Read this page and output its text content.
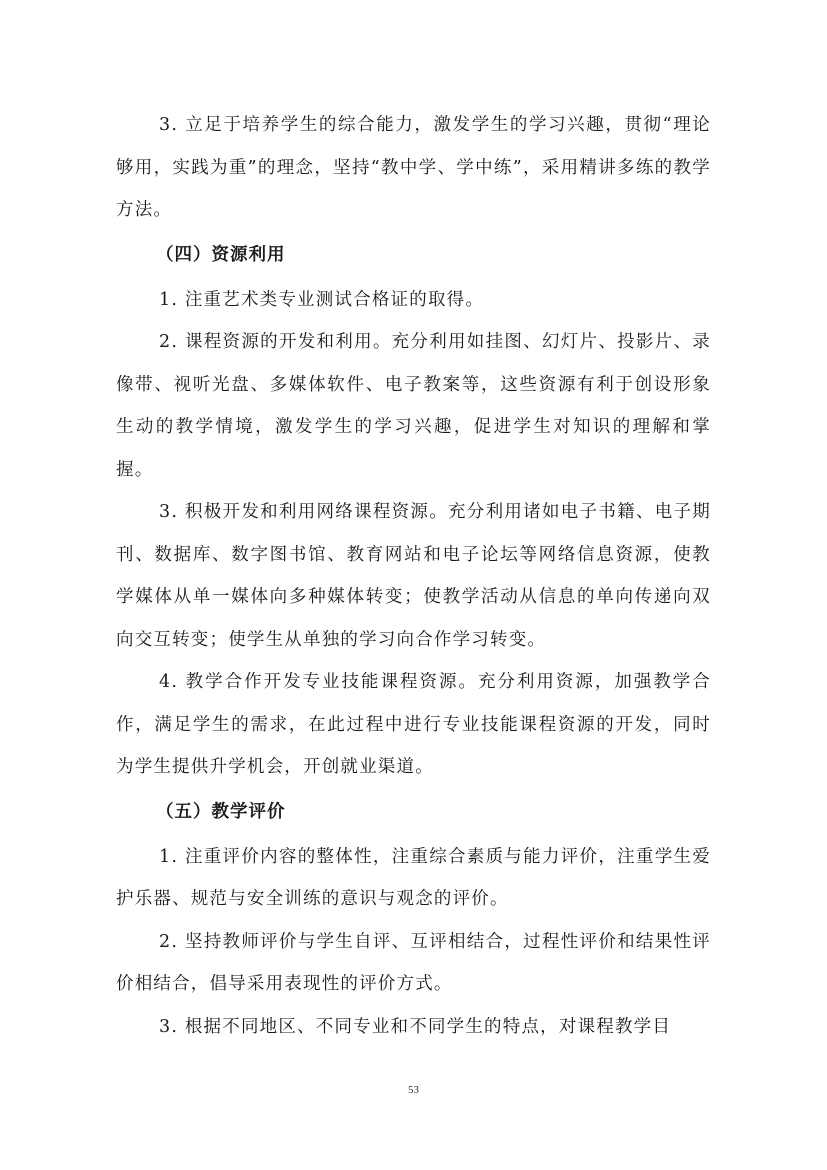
3. 立足于培养学生的综合能力，激发学生的学习兴趣，贯彻“理论够用，实践为重”的理念，坚持“教中学、学中练”，采用精讲多练的教学方法。

（四）资源利用

1. 注重艺术类专业测试合格证的取得。

2. 课程资源的开发和利用。充分利用如挂图、幻灯片、投影片、录像带、视听光盘、多媒体软件、电子教案等，这些资源有利于创设形象生动的教学情境，激发学生的学习兴趣，促进学生对知识的理解和掌握。

3. 积极开发和利用网络课程资源。充分利用诸如电子书籍、电子期刊、数据库、数字图书馆、教育网站和电子论坛等网络信息资源，使教学媒体从单一媒体向多种媒体转变；使教学活动从信息的单向传递向双向交互转变；使学生从单独的学习向合作学习转变。

4. 教学合作开发专业技能课程资源。充分利用资源，加强教学合作，满足学生的需求，在此过程中进行专业技能课程资源的开发，同时为学生提供升学机会，开创就业渠道。

（五）教学评价

1. 注重评价内容的整体性，注重综合素质与能力评价，注重学生爱护乐器、规范与安全训练的意识与观念的评价。

2. 坚持教师评价与学生自评、互评相结合，过程性评价和结果性评价相结合，倡导采用表现性的评价方式。

3. 根据不同地区、不同专业和不同学生的特点，对课程教学目

53
